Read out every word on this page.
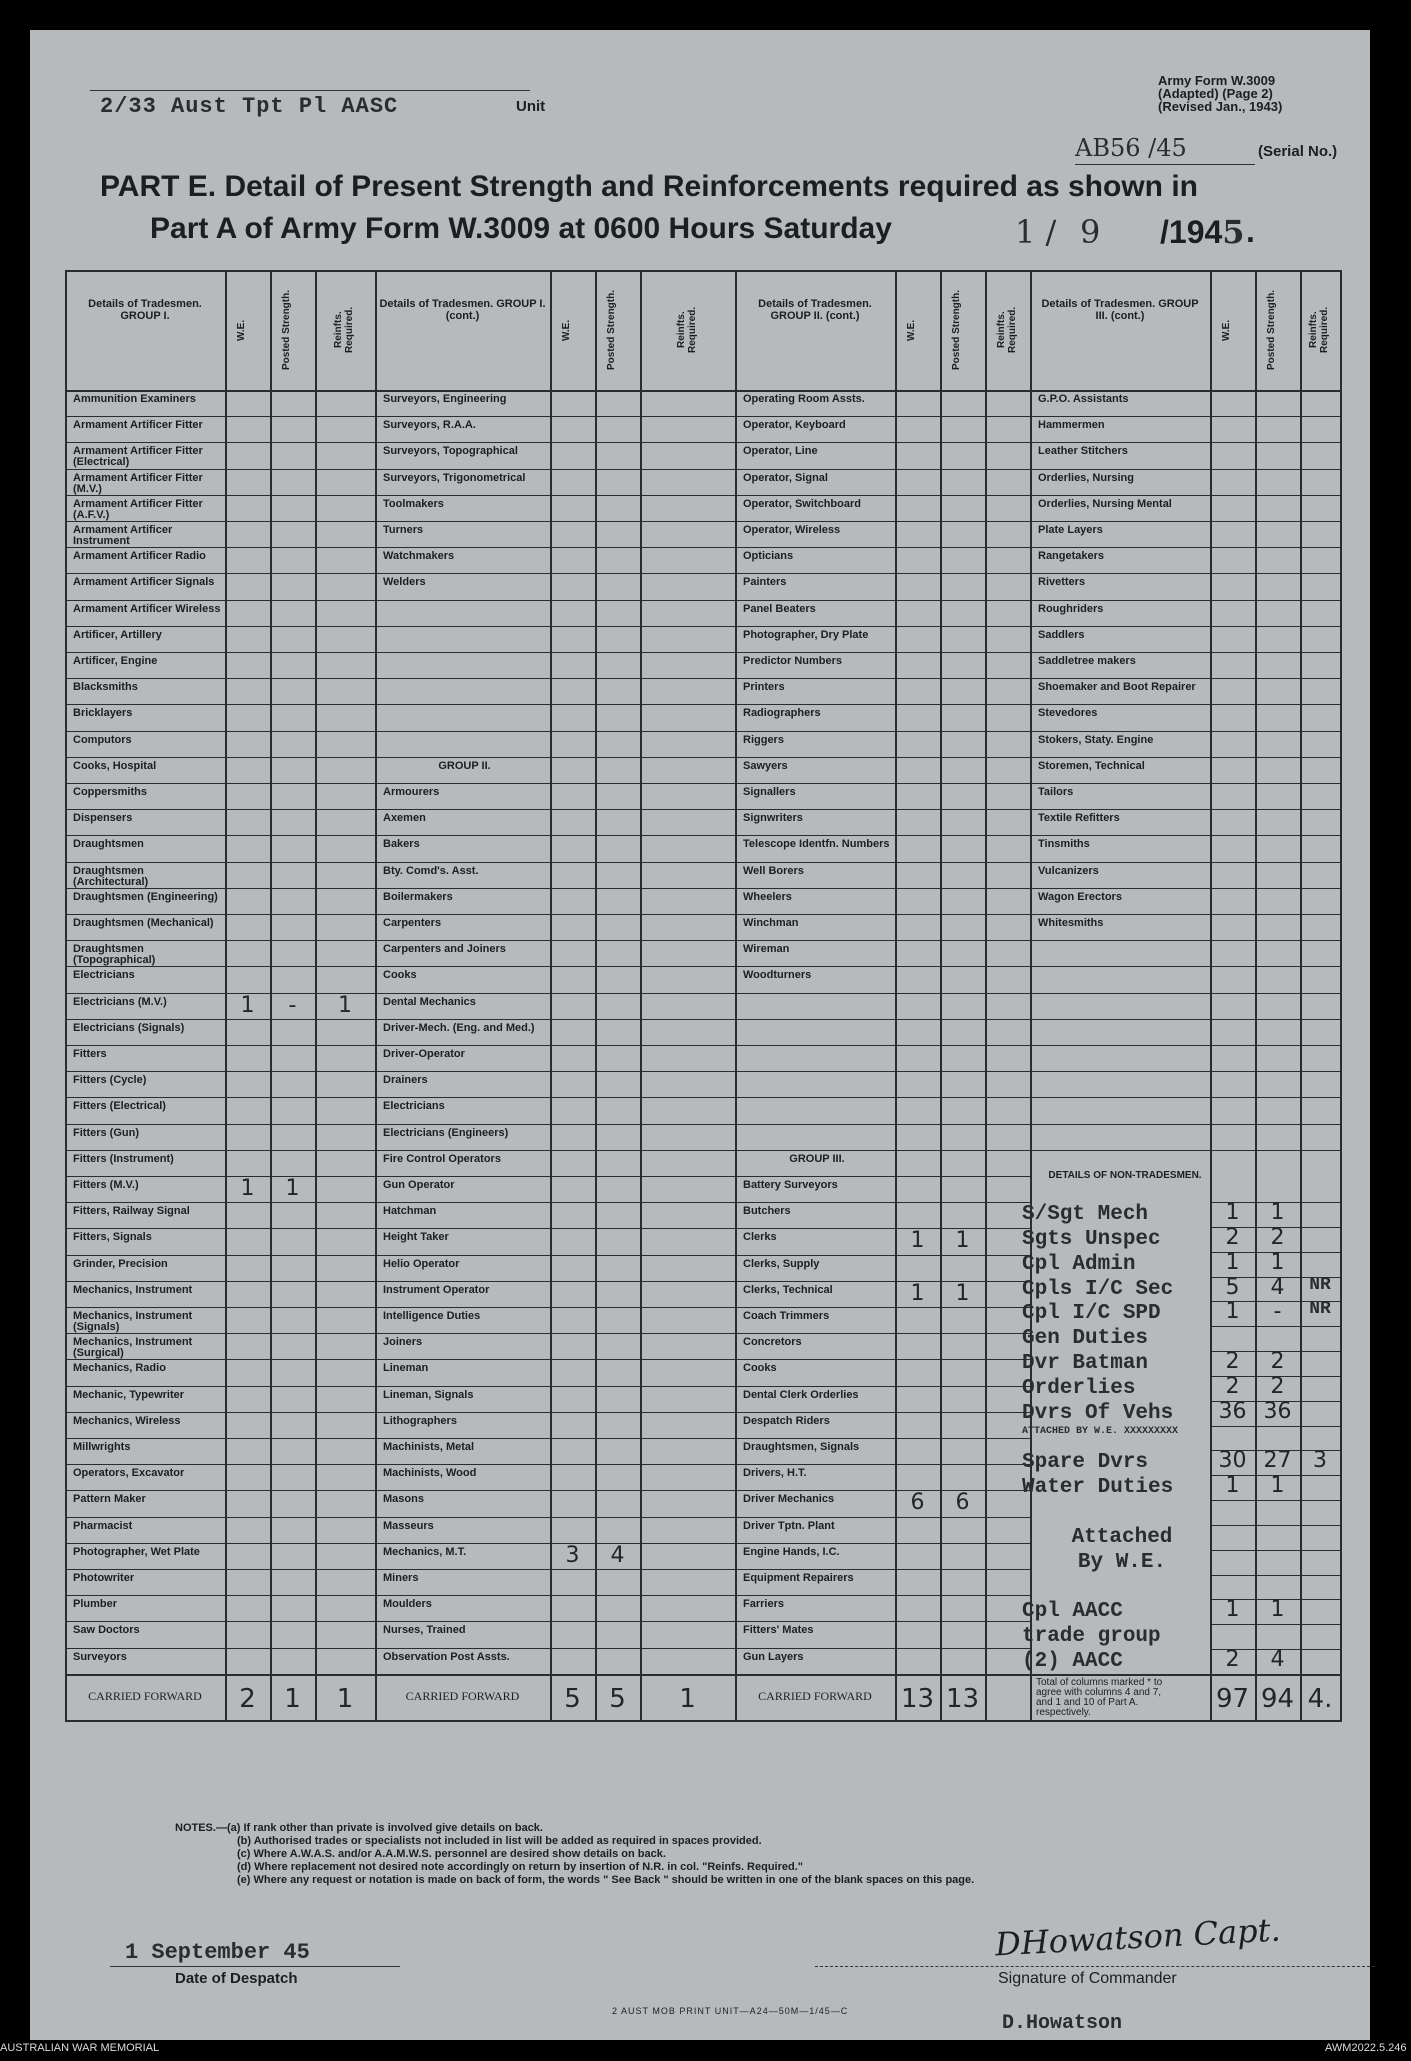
2/33 Aust Tpt Pl AASC	Unit
Army Form W.3009
(Adapted) (Page 2)
(Revised Jan., 1943)
AB56 /45	(Serial No.)
PART E. Detail of Present Strength and Reinforcements required as shown in
Part A of Army Form W.3009 at 0600 Hours Saturday	1 / 9 /1945 .
Details of Tradesmen. GROUP I.
W.E.	Posted Strength.	Reinfts. Required.
Ammunition Examiners
Armament Artificer Fitter
Armament Artificer Fitter (Electrical)
Armament Artificer Fitter (M.V.)
Armament Artificer Fitter (A.F.V.)
Armament Artificer Instrument
Armament Artificer Radio
Armament Artificer Signals
Armament Artificer Wireless
Artificer, Artillery
Artificer, Engine
Blacksmiths
Bricklayers
Computors
Cooks, Hospital
Coppersmiths
Dispensers
Draughtsmen
Draughtsmen (Architectural)
Draughtsmen (Engineering)
Draughtsmen (Mechanical)
Draughtsmen (Topographical)
Electricians
Electricians (M.V.)	1	-	1
Electricians (Signals)
Fitters
Fitters (Cycle)
Fitters (Electrical)
Fitters (Gun)
Fitters (Instrument)
Fitters (M.V.)	1	1
Fitters, Railway Signal
Fitters, Signals
Grinder, Precision
Mechanics, Instrument
Mechanics, Instrument (Signals)
Mechanics, Instrument (Surgical)
Mechanics, Radio
Mechanic, Typewriter
Mechanics, Wireless
Millwrights
Operators, Excavator
Pattern Maker
Pharmacist
Photographer, Wet Plate
Photowriter
Plumber
Saw Doctors
Surveyors
CARRIED FORWARD	2	1	1
Details of Tradesmen. GROUP I. (cont.)
W.E.	Posted Strength.	Reinfts. Required.
Surveyors, Engineering
Surveyors, R.A.A.
Surveyors, Topographical
Surveyors, Trigonometrical
Toolmakers
Turners
Watchmakers
Welders
GROUP II.
Armourers
Axemen
Bakers
Bty. Comd's. Asst.
Boilermakers
Carpenters
Carpenters and Joiners
Cooks
Dental Mechanics
Driver-Mech. (Eng. and Med.)
Driver-Operator
Drainers
Electricians
Electricians (Engineers)
Fire Control Operators
Gun Operator
Hatchman
Height Taker
Helio Operator
Instrument Operator
Intelligence Duties
Joiners
Lineman
Lineman, Signals
Lithographers
Machinists, Metal
Machinists, Wood
Masons
Masseurs
Mechanics, M.T.	3	4
Miners
Moulders
Nurses, Trained
Observation Post Assts.
CARRIED FORWARD	5	5	1
Details of Tradesmen. GROUP II. (cont.)
W.E.	Posted Strength.	Reinfts. Required.
Operating Room Assts.
Operator, Keyboard
Operator, Line
Operator, Signal
Operator, Switchboard
Operator, Wireless
Opticians
Painters
Panel Beaters
Photographer, Dry Plate
Predictor Numbers
Printers
Radiographers
Riggers
Sawyers
Signallers
Signwriters
Telescope Identfn. Numbers
Well Borers
Wheelers
Winchman
Wireman
Woodturners
GROUP III.
Battery Surveyors
Butchers
Clerks	1	1
Clerks, Supply
Clerks, Technical	1	1
Coach Trimmers
Concretors
Cooks
Dental Clerk Orderlies
Despatch Riders
Draughtsmen, Signals
Drivers, H.T.
Driver Mechanics	6	6
Driver Tptn. Plant
Engine Hands, I.C.
Equipment Repairers
Farriers
Fitters' Mates
Gun Layers
CARRIED FORWARD	13 13
Details of Tradesmen. GROUP III. (cont.)
W.E.	Posted Strength.	Reinfts. Required.
G.P.O. Assistants
Hammermen
Leather Stitchers
Orderlies, Nursing
Orderlies, Nursing Mental
Plate Layers
Rangetakers
Rivetters
Roughriders
Saddlers
Saddletree makers
Shoemaker and Boot Repairer
Stevedores
Stokers, Staty. Engine
Storemen, Technical
Tailors
Textile Refitters
Tinsmiths
Vulcanizers
Wagon Erectors
Whitesmiths
Total of columns marked * to agree with columns 4 and 7, and 1 and 10 of Part A. respectively.	97 94 4.
DETAILS OF NON-TRADESMEN.
S/Sgt Mech	1	1
Sgts Unspec	2	2
Cpl Admin	1	1
Cpls I/C Sec	5	4	NR
Cpl I/C SPD	1	-	NR
Gen Duties
Dvr Batman	2	2
Orderlies	2	2
Dvrs Of Vehs	36 36
ATTACHED BY W.E. XXXXXXXXX
Spare Dvrs	30 27 3
Water Duties	1	1
Attached
By W.E.
Cpl AACC	1	1
trade group
(2) AACC	2	4
NOTES.—(a) If rank other than private is involved give details on back.
(b) Authorised trades or specialists not included in list will be added as required in spaces provided.
(c) Where A.W.A.S. and/or A.A.M.W.S. personnel are desired show details on back.
(d) Where replacement not desired note accordingly on return by insertion of N.R. in col. "Reinfs. Required."
(e) Where any request or notation is made on back of form, the words " See Back " should be written in one of the blank spaces on this page.
1 September 45
Date of Despatch
DHowatson Capt.
Signature of Commander
2 AUST MOB PRINT UNIT—A24—50M—1/45—C
D.Howatson
AUSTRALIAN WAR MEMORIAL	AWM2022.5.246
